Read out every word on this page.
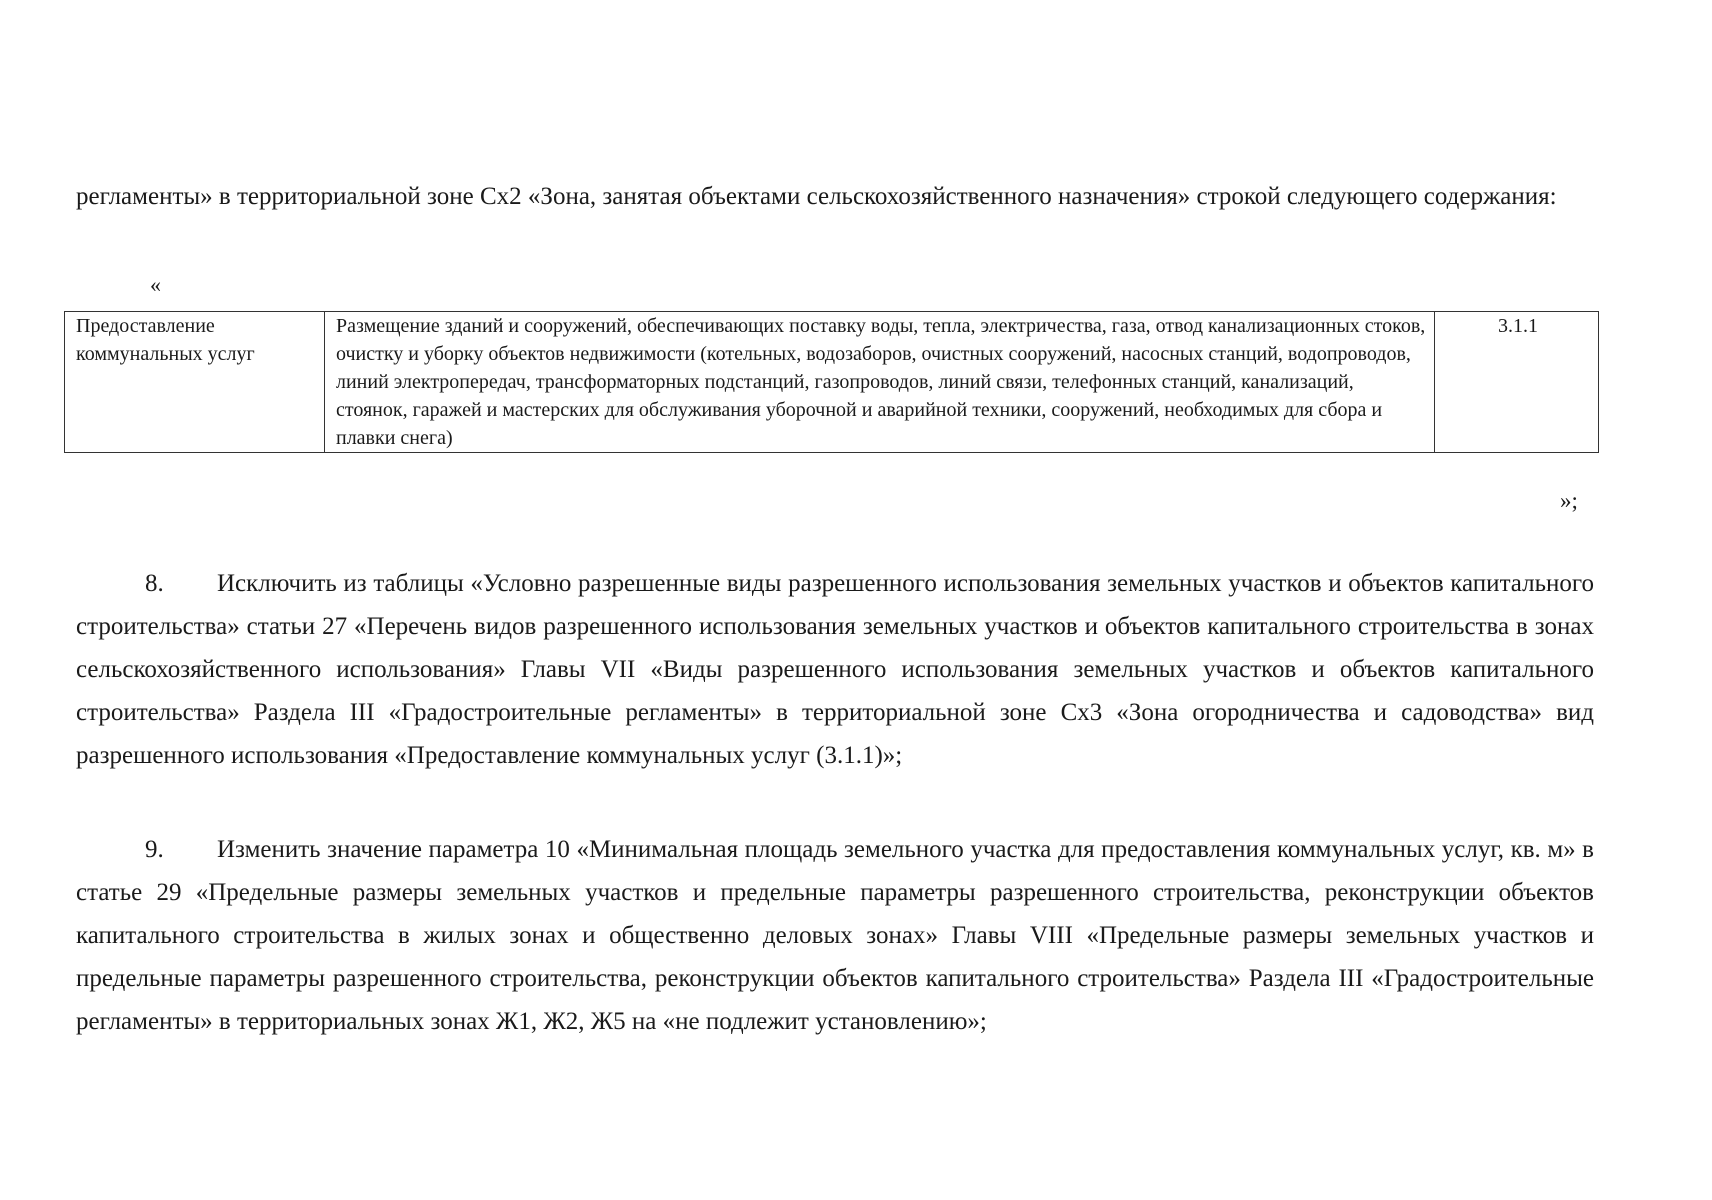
регламенты» в территориальной зоне Сх2 «Зона, занятая объектами сельскохозяйственного назначения» строкой следующего содержания:

«

Предоставление коммунальных услуг	Размещение зданий и сооружений, обеспечивающих поставку воды, тепла, электричества, газа, отвод канализационных стоков, очистку и уборку объектов недвижимости (котельных, водозаборов, очистных сооружений, насосных станций, водопроводов, линий электропередач, трансформаторных подстанций, газопроводов, линий связи, телефонных станций, канализаций, стоянок, гаражей и мастерских для обслуживания уборочной и аварийной техники, сооружений, необходимых для сбора и плавки снега)	3.1.1

»;

8. Исключить из таблицы «Условно разрешенные виды разрешенного использования земельных участков и объектов капитального строительства» статьи 27 «Перечень видов разрешенного использования земельных участков и объектов капитального строительства в зонах сельскохозяйственного использования» Главы VII «Виды разрешенного использования земельных участков и объектов капитального строительства» Раздела III «Градостроительные регламенты» в территориальной зоне Сх3 «Зона огородничества и садоводства» вид разрешенного использования «Предоставление коммунальных услуг (3.1.1)»;

9. Изменить значение параметра 10 «Минимальная площадь земельного участка для предоставления коммунальных услуг, кв. м» в статье 29 «Предельные размеры земельных участков и предельные параметры разрешенного строительства, реконструкции объектов капитального строительства в жилых зонах и общественно деловых зонах» Главы VIII «Предельные размеры земельных участков и предельные параметры разрешенного строительства, реконструкции объектов капитального строительства» Раздела III «Градостроительные регламенты» в территориальных зонах Ж1, Ж2, Ж5 на «не подлежит установлению»;
